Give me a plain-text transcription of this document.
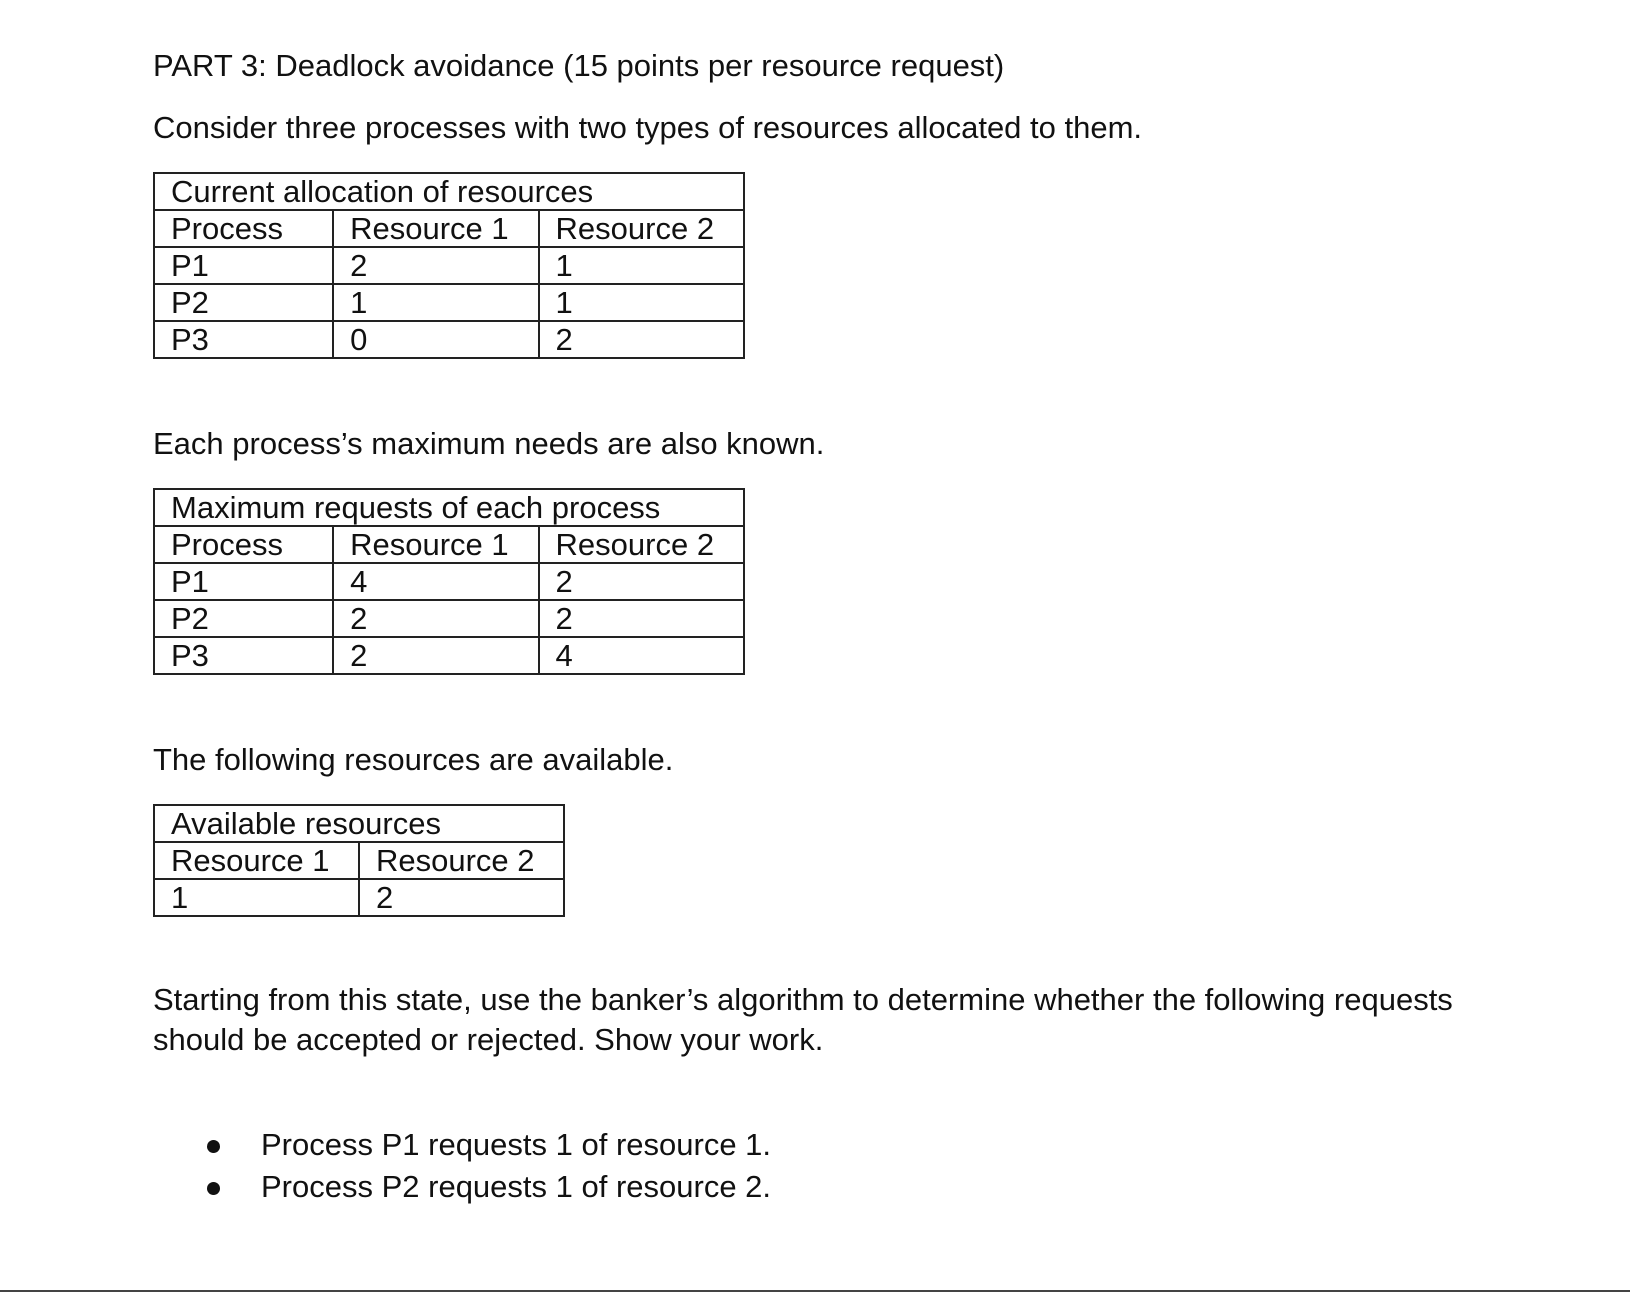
PART 3: Deadlock avoidance (15 points per resource request)

Consider three processes with two types of resources allocated to them.

Current allocation of resources		
Process	Resource 1	Resource 2
P1	2	1
P2	1	1
P3	0	2

Each process’s maximum needs are also known.

Maximum requests of each process		
Process	Resource 1	Resource 2
P1	4	2
P2	2	2
P3	2	4

The following resources are available.

Available resources	
Resource 1	Resource 2
1	2

Starting from this state, use the banker’s algorithm to determine whether the following requests

should be accepted or rejected. Show your work.

Process P1 requests 1 of resource 1.
Process P2 requests 1 of resource 2.
